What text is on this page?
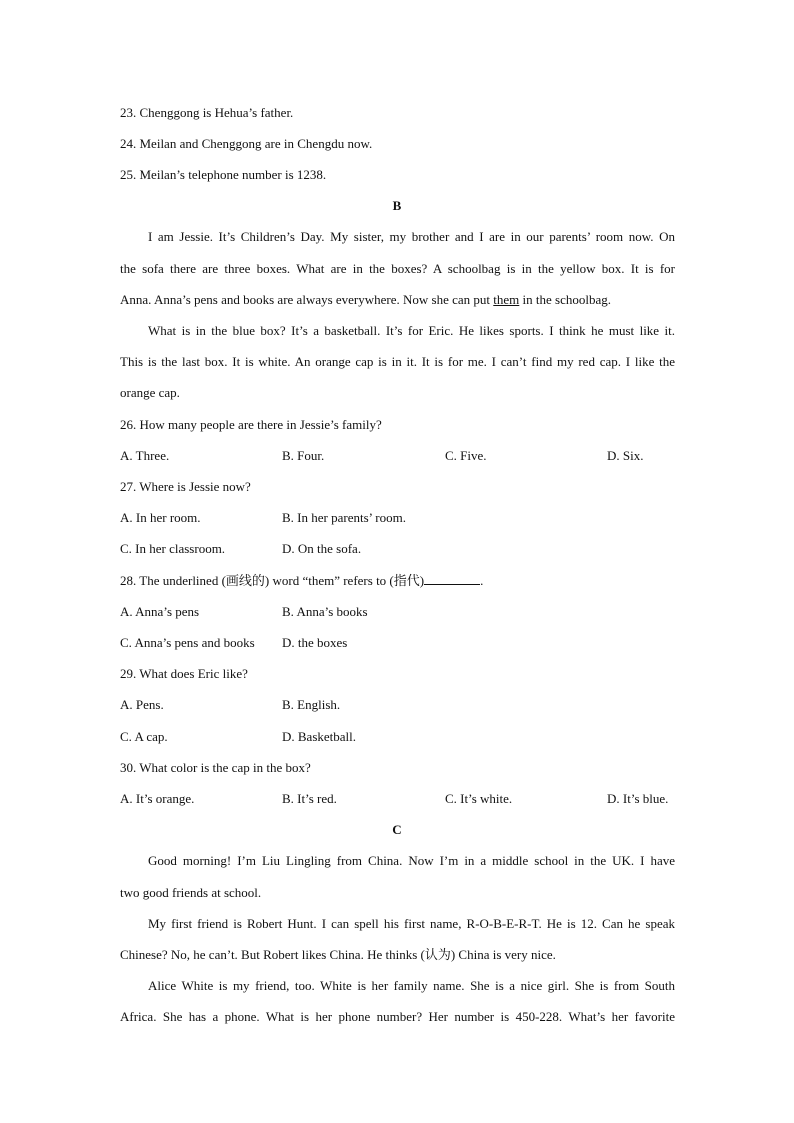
23. Chenggong is Hehua’s father.
24. Meilan and Chenggong are in Chengdu now.
25. Meilan’s telephone number is 1238.
B
I am Jessie. It’s Children’s Day. My sister, my brother and I are in our parents’ room now. On
the sofa there are three boxes. What are in the boxes? A schoolbag is in the yellow box. It is for
Anna. Anna’s pens and books are always everywhere. Now she can put them in the schoolbag.
What is in the blue box? It’s a basketball. It’s for Eric. He likes sports. I think he must like it.
This is the last box. It is white. An orange cap is in it. It is for me. I can’t find my red cap. I like the
orange cap.
26. How many people are there in Jessie’s family?
A. Three.	B. Four.	C. Five.	D. Six.
27. Where is Jessie now?
A. In her room.	B. In her parents’ room.
C. In her classroom.	D. On the sofa.
28. The underlined (画线的) word “them” refers to (指代)	.
A. Anna’s pens	B. Anna’s books
C. Anna’s pens and books D. the boxes
29. What does Eric like?
A. Pens.	B. English.
C. A cap.	D. Basketball.
30. What color is the cap in the box?
A. It’s orange.	B. It’s red.	C. It’s white.	D. It’s blue.
C
Good morning! I’m Liu Lingling from China. Now I’m in a middle school in the UK. I have
two good friends at school.
My first friend is Robert Hunt. I can spell his first name, R-O-B-E-R-T. He is 12. Can he speak
Chinese? No, he can’t. But Robert likes China. He thinks (认为) China is very nice.
Alice White is my friend, too. White is her family name. She is a nice girl. She is from South
Africa. She has a phone. What is her phone number? Her number is 450-228. What’s her favorite
